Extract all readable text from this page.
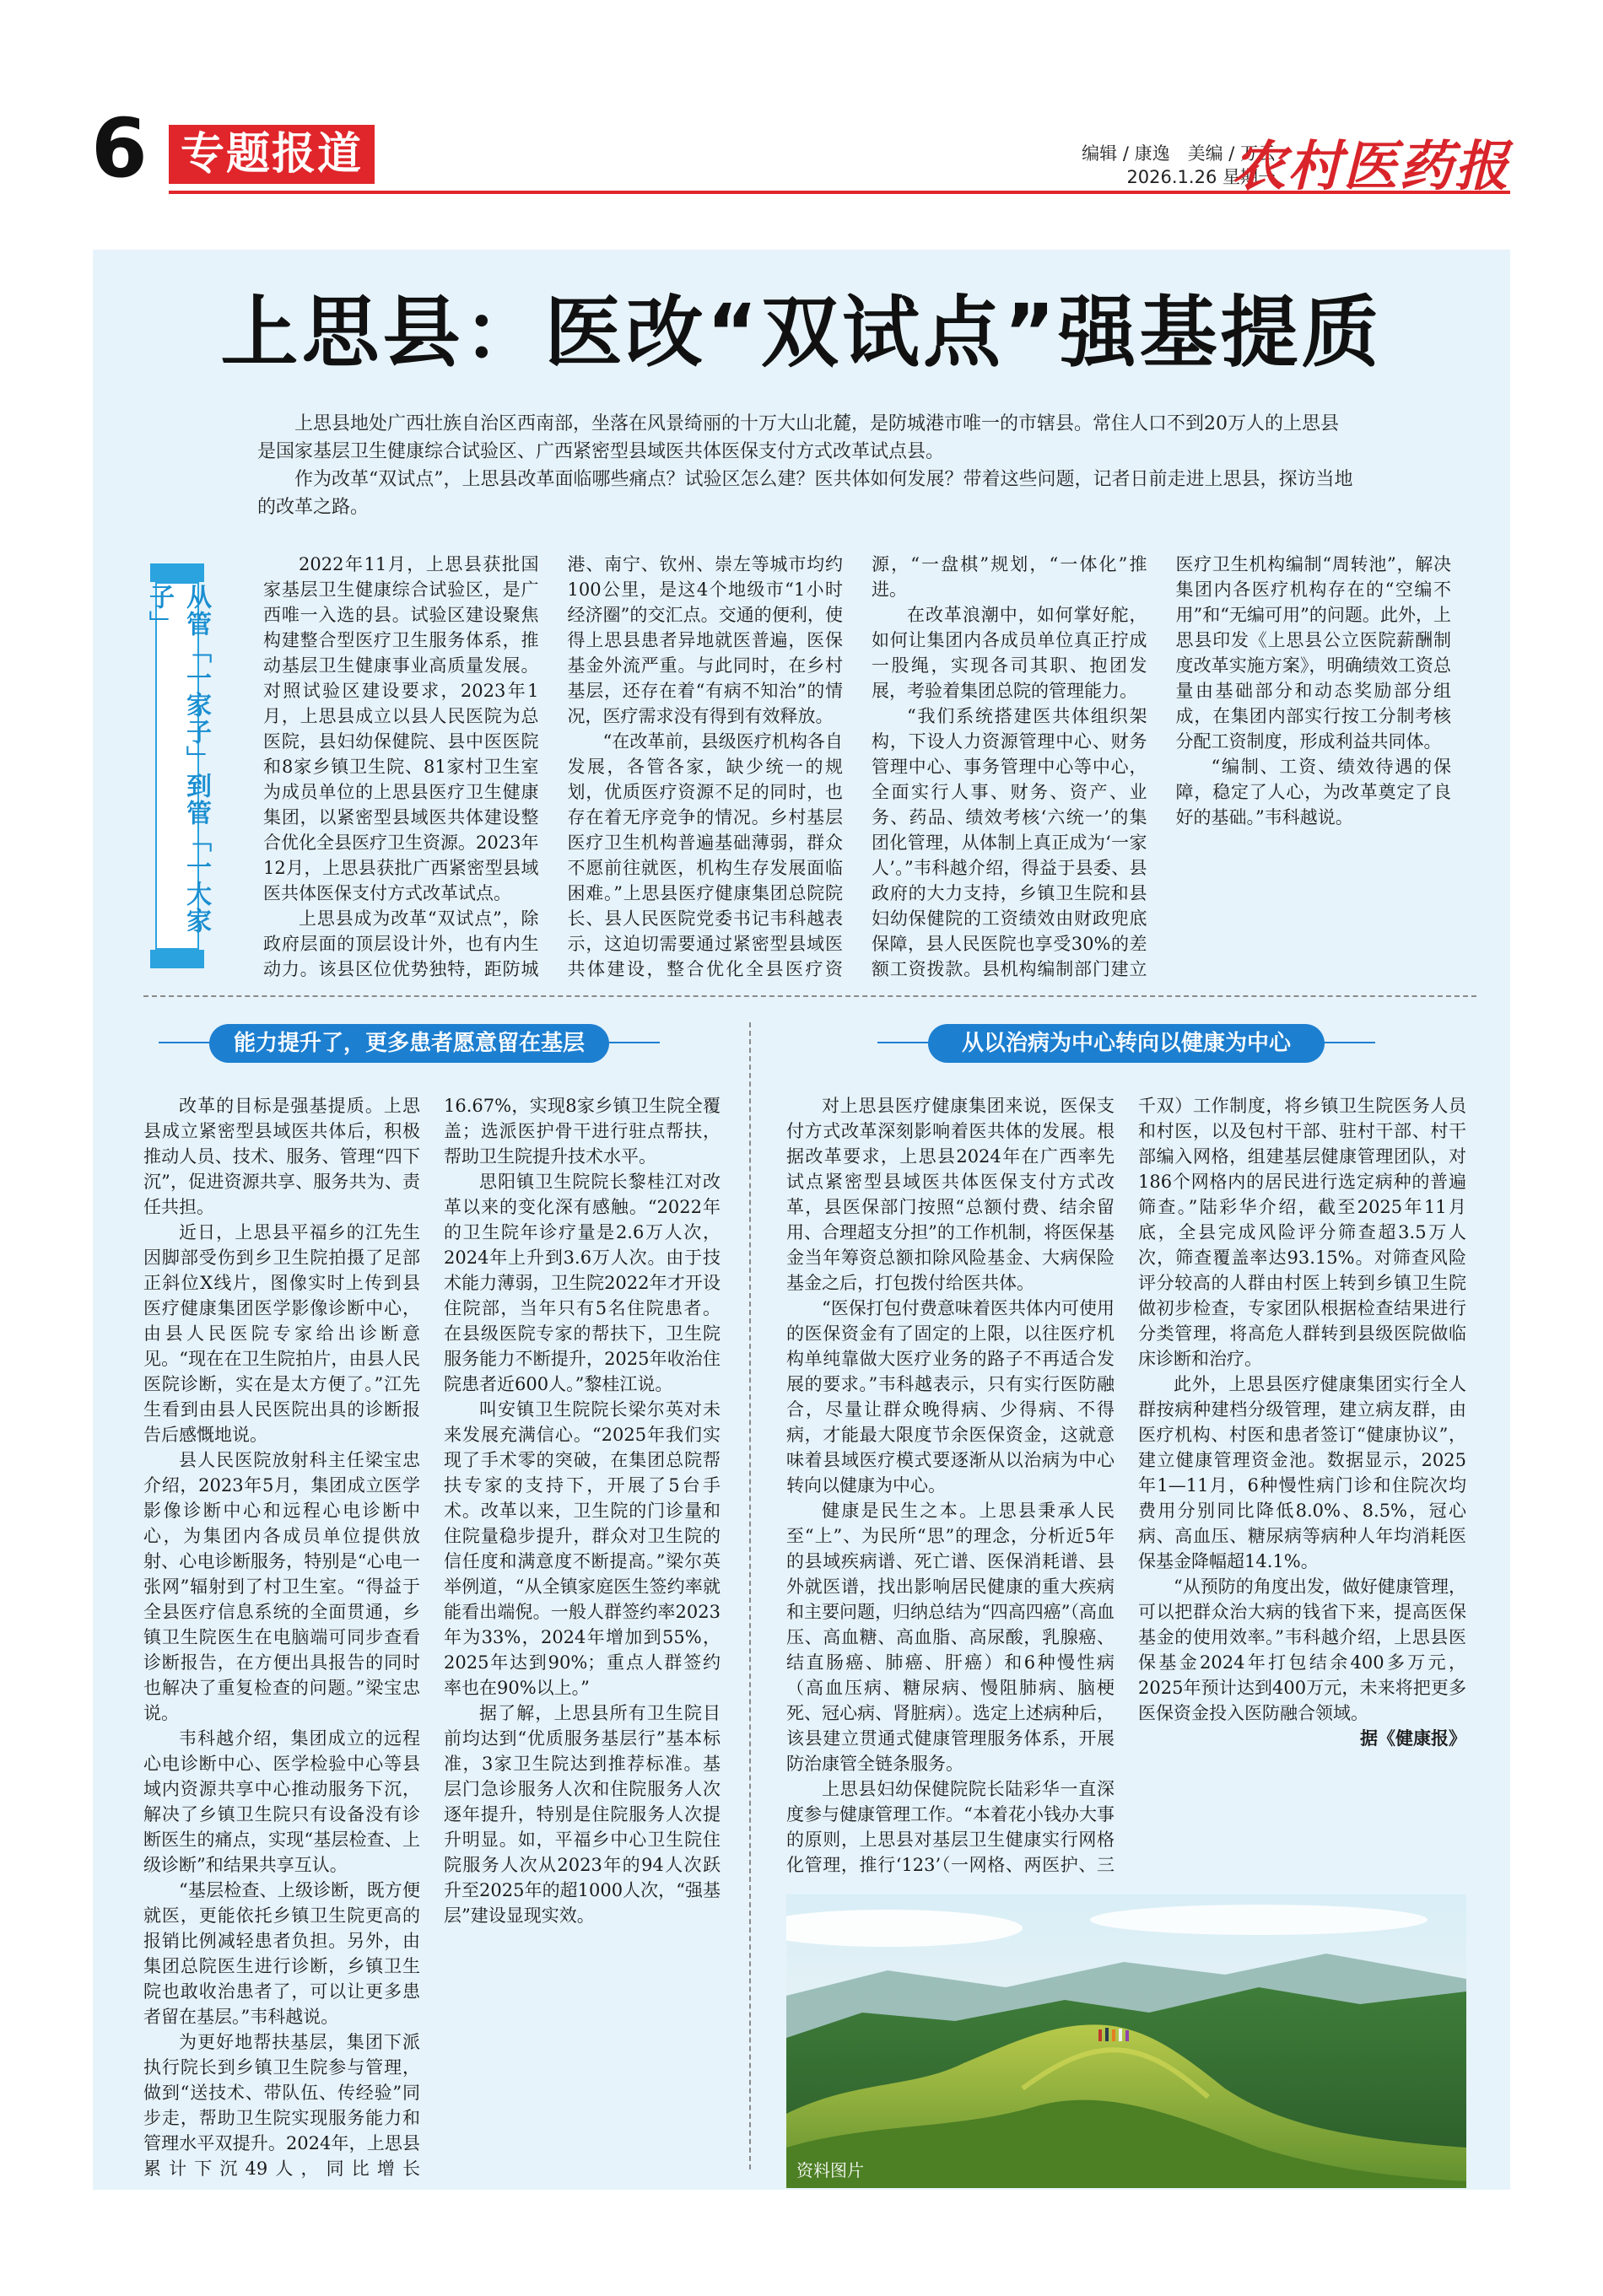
6 专题报道	编辑 / 康逸　美编 / 万云
2026.1.26 星期一
农村医药报
上思县：医改“双试点”强基提质

上思县地处广西壮族自治区西南部，坐落在风景绮丽的十万大山北麓，是防城港市唯一的市辖县。常住人口不到20万人的上思县是国家基层卫生健康综合试验区、广西紧密型县域医共体医保支付方式改革试点县。

作为改革“双试点”，上思县改革面临哪些痛点？试验区怎么建？医共体如何发展？带着这些问题，记者日前走进上思县，探访当地的改革之路。

从管「一家子」到管「一大家子」

2022年11月，上思县获批国家基层卫生健康综合试验区，是广西唯一入选的县。试验区建设聚焦构建整合型医疗卫生服务体系，推动基层卫生健康事业高质量发展。对照试验区建设要求，2023年1月，上思县成立以县人民医院为总医院，县妇幼保健院、县中医医院和8家乡镇卫生院、81家村卫生室为成员单位的上思县医疗卫生健康集团，以紧密型县域医共体建设整合优化全县医疗卫生资源。2023年12月，上思县获批广西紧密型县域医共体医保支付方式改革试点。

上思县成为改革“双试点”，除政府层面的顶层设计外，也有内生动力。该县区位优势独特，距防城港、南宁、钦州、崇左等城市均约100公里，是这4个地级市“1小时经济圈”的交汇点。交通的便利，使得上思县患者异地就医普遍，医保基金外流严重。与此同时，在乡村基层，还存在着“有病不知治”的情况，医疗需求没有得到有效释放。

“在改革前，县级医疗机构各自发展，各管各家，缺少统一的规划，优质医疗资源不足的同时，也存在着无序竞争的情况。乡村基层医疗卫生机构普遍基础薄弱，群众不愿前往就医，机构生存发展面临困难。”上思县医疗健康集团总院院长、县人民医院党委书记韦科越表示，这迫切需要通过紧密型县域医共体建设，整合优化全县医疗资源，“一盘棋”规划，“一体化”推进。

在改革浪潮中，如何掌好舵，如何让集团内各成员单位真正拧成一股绳，实现各司其职、抱团发展，考验着集团总院的管理能力。

“我们系统搭建医共体组织架构，下设人力资源管理中心、财务管理中心、事务管理中心等中心，全面实行人事、财务、资产、业务、药品、绩效考核‘六统一’的集团化管理，从体制上真正成为‘一家人’。”韦科越介绍，得益于县委、县政府的大力支持，乡镇卫生院和县妇幼保健院的工资绩效由财政兜底保障，县人民医院也享受30%的差额工资拨款。县机构编制部门建立医疗卫生机构编制“周转池”，解决集团内各医疗机构存在的“空编不用”和“无编可用”的问题。此外，上思县印发《上思县公立医院薪酬制度改革实施方案》，明确绩效工资总量由基础部分和动态奖励部分组成，在集团内部实行按工分制考核分配工资制度，形成利益共同体。

“编制、工资、绩效待遇的保障，稳定了人心，为改革奠定了良好的基础。”韦科越说。

能力提升了，更多患者愿意留在基层	从以治病为中心转向以健康为中心

改革的目标是强基提质。上思县成立紧密型县域医共体后，积极推动人员、技术、服务、管理“四下沉”，促进资源共享、服务共为、责任共担。

近日，上思县平福乡的江先生因脚部受伤到乡卫生院拍摄了足部正斜位X线片，图像实时上传到县医疗健康集团医学影像诊断中心，由县人民医院专家给出诊断意见。“现在在卫生院拍片，由县人民医院诊断，实在是太方便了。”江先生看到由县人民医院出具的诊断报告后感慨地说。

县人民医院放射科主任梁宝忠介绍，2023年5月，集团成立医学影像诊断中心和远程心电诊断中心，为集团内各成员单位提供放射、心电诊断服务，特别是“心电一张网”辐射到了村卫生室。“得益于全县医疗信息系统的全面贯通，乡镇卫生院医生在电脑端可同步查看诊断报告，在方便出具报告的同时也解决了重复检查的问题。”梁宝忠说。

韦科越介绍，集团成立的远程心电诊断中心、医学检验中心等县域内资源共享中心推动服务下沉，解决了乡镇卫生院只有设备没有诊断医生的痛点，实现“基层检查、上级诊断”和结果共享互认。

“基层检查、上级诊断，既方便就医，更能依托乡镇卫生院更高的报销比例减轻患者负担。另外，由集团总院医生进行诊断，乡镇卫生院也敢收治患者了，可以让更多患者留在基层。”韦科越说。

为更好地帮扶基层，集团下派执行院长到乡镇卫生院参与管理，做到“送技术、带队伍、传经验”同步走，帮助卫生院实现服务能力和管理水平双提升。2024年，上思县累计下沉49人，同比增长16.67%，实现8家乡镇卫生院全覆盖；选派医护骨干进行驻点帮扶，帮助卫生院提升技术水平。

思阳镇卫生院院长黎桂江对改革以来的变化深有感触。“2022年的卫生院年诊疗量是2.6万人次，2024年上升到3.6万人次。由于技术能力薄弱，卫生院2022年才开设住院部，当年只有5名住院患者。在县级医院专家的帮扶下，卫生院服务能力不断提升，2025年收治住院患者近600人。”黎桂江说。

叫安镇卫生院院长梁尔英对未来发展充满信心。“2025年我们实现了手术零的突破，在集团总院帮扶专家的支持下，开展了5台手术。改革以来，卫生院的门诊量和住院量稳步提升，群众对卫生院的信任度和满意度不断提高。”梁尔英举例道，“从全镇家庭医生签约率就能看出端倪。一般人群签约率2023年为33%，2024年增加到55%，2025年达到90%；重点人群签约率也在90%以上。”

据了解，上思县所有卫生院目前均达到“优质服务基层行”基本标准，3家卫生院达到推荐标准。基层门急诊服务人次和住院服务人次逐年提升，特别是住院服务人次提升明显。如，平福乡中心卫生院住院服务人次从2023年的94人次跃升至2025年的超1000人次，“强基层”建设显现实效。

对上思县医疗健康集团来说，医保支付方式改革深刻影响着医共体的发展。根据改革要求，上思县2024年在广西率先试点紧密型县域医共体医保支付方式改革，县医保部门按照“总额付费、结余留用、合理超支分担”的工作机制，将医保基金当年筹资总额扣除风险基金、大病保险基金之后，打包拨付给医共体。

“医保打包付费意味着医共体内可使用的医保资金有了固定的上限，以往医疗机构单纯靠做大医疗业务的路子不再适合发展的要求。”韦科越表示，只有实行医防融合，尽量让群众晚得病、少得病、不得病，才能最大限度节余医保资金，这就意味着县域医疗模式要逐渐从以治病为中心转向以健康为中心。

健康是民生之本。上思县秉承人民至“上”、为民所“思”的理念，分析近5年的县域疾病谱、死亡谱、医保消耗谱、县外就医谱，找出影响居民健康的重大疾病和主要问题，归纳总结为“四高四癌”（高血压、高血糖、高血脂、高尿酸，乳腺癌、结直肠癌、肺癌、肝癌）和6种慢性病（高血压病、糖尿病、慢阻肺病、脑梗死、冠心病、肾脏病）。选定上述病种后，该县建立贯通式健康管理服务体系，开展防治康管全链条服务。

上思县妇幼保健院院长陆彩华一直深度参与健康管理工作。“本着花小钱办大事的原则，上思县对基层卫生健康实行网格化管理，推行‘123’（一网格、两医护、三千双）工作制度，将乡镇卫生院医务人员和村医，以及包村干部、驻村干部、村干部编入网格，组建基层健康管理团队，对186个网格内的居民进行选定病种的普遍筛查。”陆彩华介绍，截至2025年11月底，全县完成风险评分筛查超3.5万人次，筛查覆盖率达93.15%。对筛查风险评分较高的人群由村医上转到乡镇卫生院做初步检查，专家团队根据检查结果进行分类管理，将高危人群转到县级医院做临床诊断和治疗。

此外，上思县医疗健康集团实行全人群按病种建档分级管理，建立病友群，由医疗机构、村医和患者签订“健康协议”，建立健康管理资金池。数据显示，2025年1—11月，6种慢性病门诊和住院次均费用分别同比降低8.0%、8.5%，冠心病、高血压、糖尿病等病种人年均消耗医保基金降幅超14.1%。

“从预防的角度出发，做好健康管理，可以把群众治大病的钱省下来，提高医保基金的使用效率。”韦科越介绍，上思县医保基金2024年打包结余400多万元，2025年预计达到400万元，未来将把更多医保资金投入医防融合领域。

据《健康报》

资料图片
